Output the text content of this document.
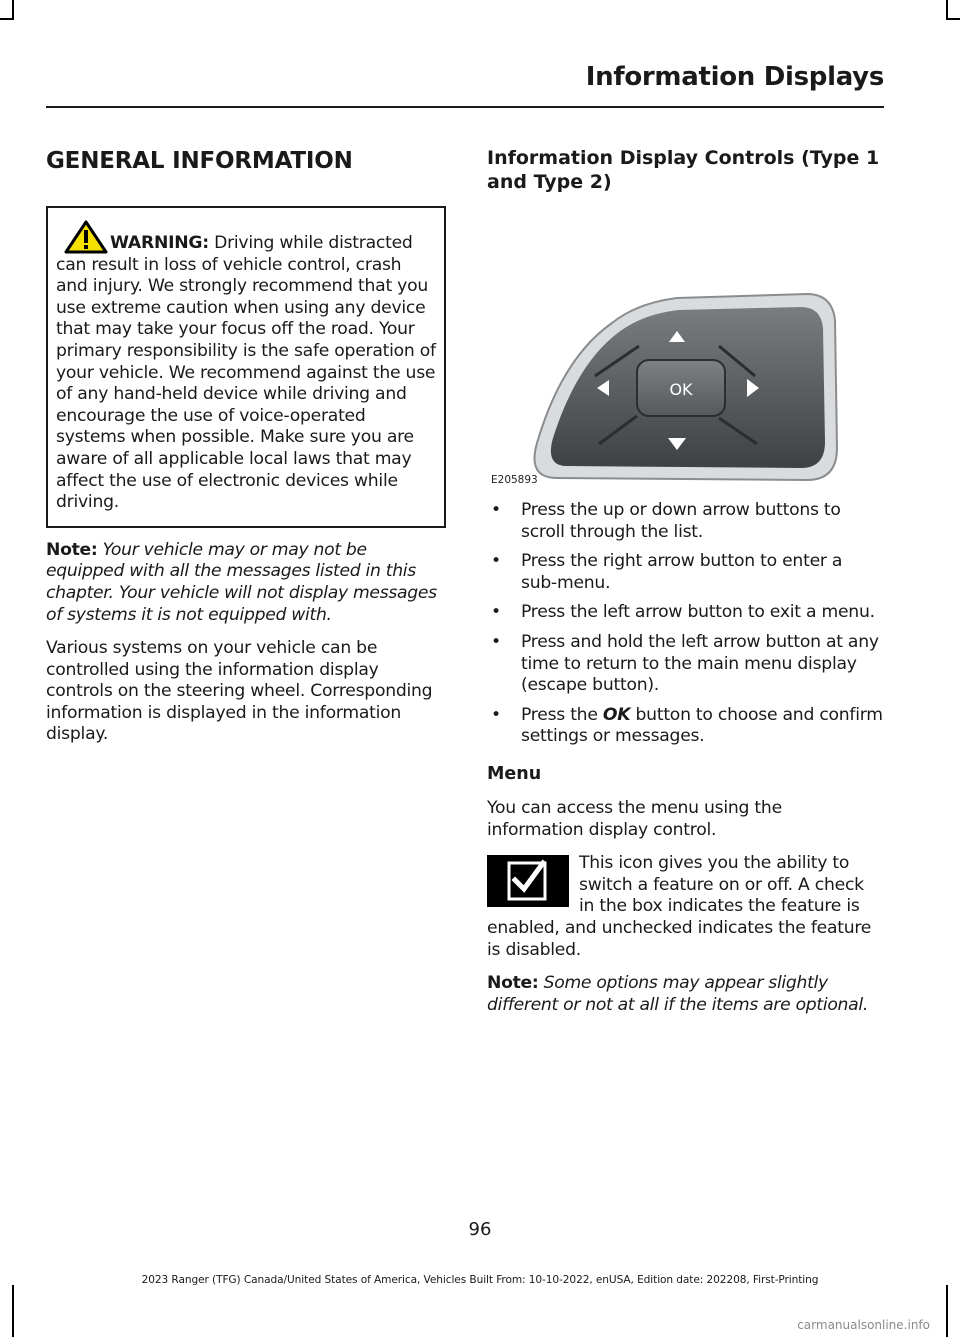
Information Displays
GENERAL INFORMATION
WARNING: Driving while distracted can result in loss of vehicle control, crash and injury. We strongly recommend that you use extreme caution when using any device that may take your focus off the road. Your primary responsibility is the safe operation of your vehicle. We recommend against the use of any hand-held device while driving and encourage the use of voice-operated systems when possible. Make sure you are aware of all applicable local laws that may affect the use of electronic devices while driving.

Note: Your vehicle may or may not be equipped with all the messages listed in this chapter. Your vehicle will not display messages of systems it is not equipped with.

Various systems on your vehicle can be controlled using the information display controls on the steering wheel. Corresponding information is displayed in the information display.

Information Display Controls (Type 1 and Type 2)
OK
E205893
• Press the up or down arrow buttons to scroll through the list.
• Press the right arrow button to enter a sub-menu.
• Press the left arrow button to exit a menu.
• Press and hold the left arrow button at any time to return to the main menu display (escape button).
• Press the OK button to choose and confirm settings or messages.
Menu

You can access the menu using the information display control.

This icon gives you the ability to switch a feature on or off. A check in the box indicates the feature is enabled, and unchecked indicates the feature is disabled.

Note: Some options may appear slightly different or not at all if the items are optional.

96
2023 Ranger (TFG) Canada/United States of America, Vehicles Built From: 10-10-2022, enUSA, Edition date: 202208, First-Printing
carmanualsonline.info
